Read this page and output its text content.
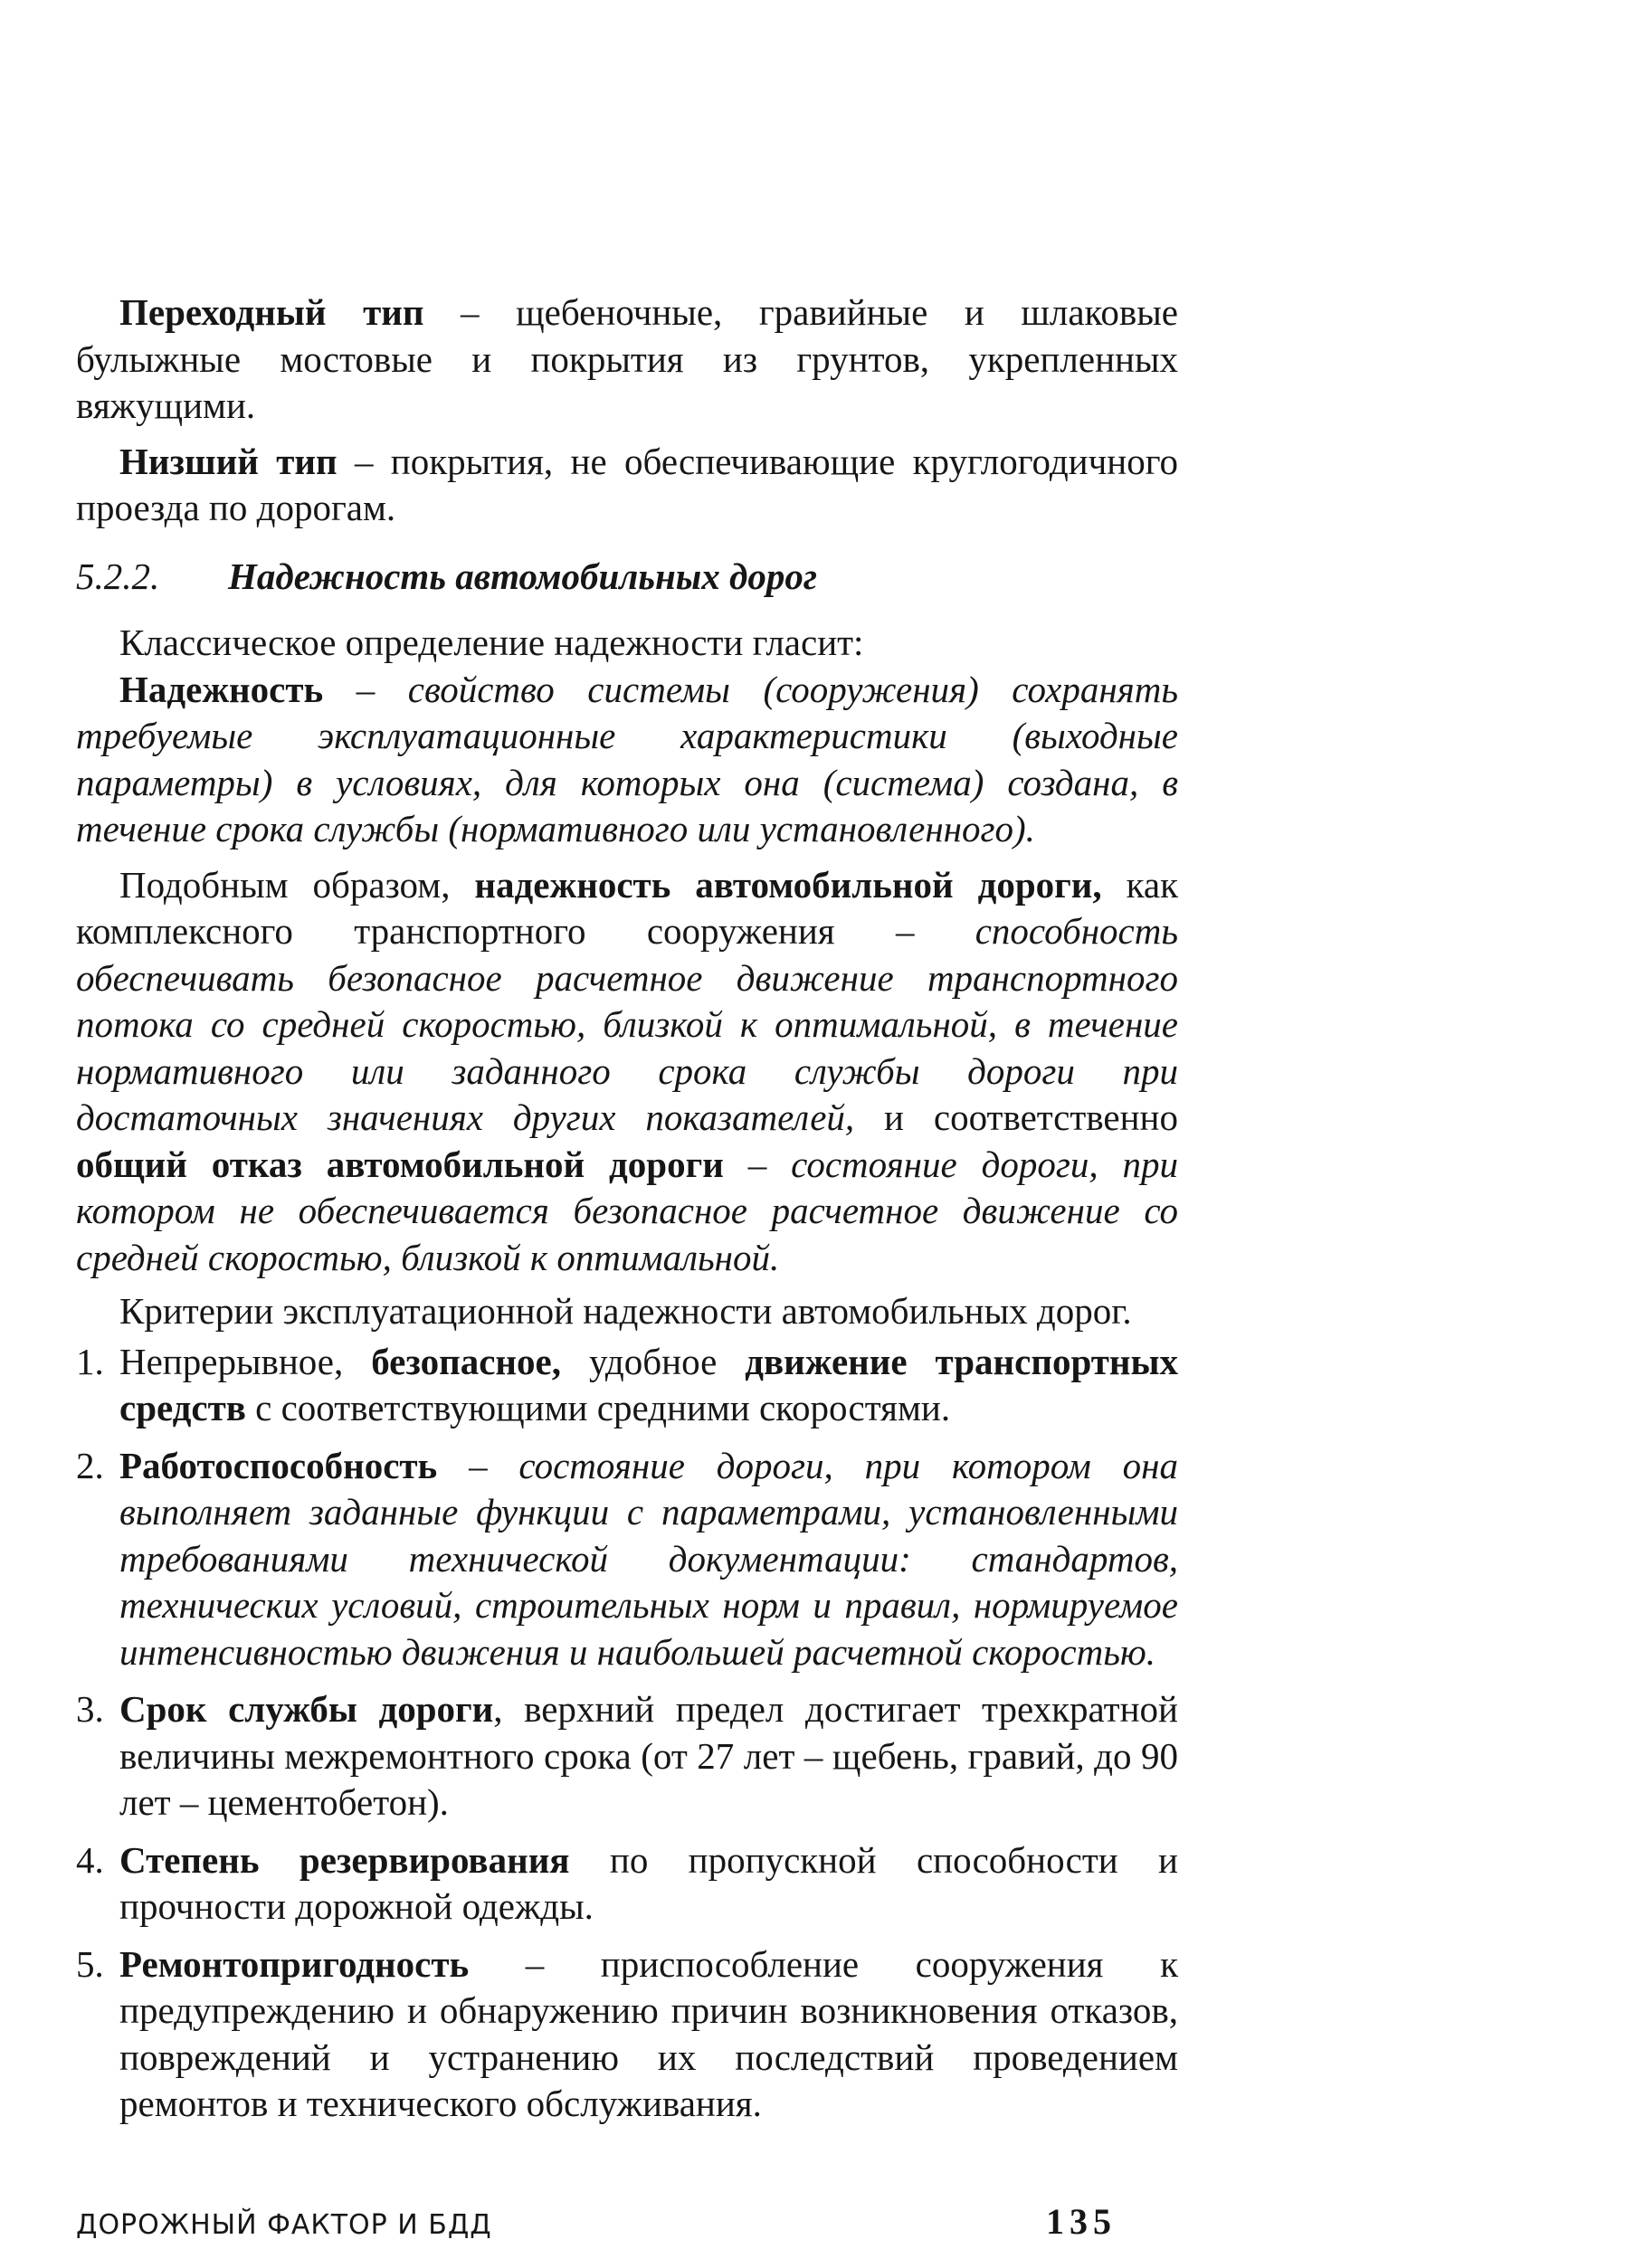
Переходный тип – щебеночные, гравийные и шлаковые булыжные мостовые и покрытия из грунтов, укрепленных вяжущими.

Низший тип – покрытия, не обеспечивающие круглогодичного проезда по дорогам.

5.2.2.	Надежность автомобильных дорог

Классическое определение надежности гласит:

Надежность – свойство системы (сооружения) сохранять требуемые эксплуатационные характеристики (выходные параметры) в условиях, для которых она (система) создана, в течение срока службы (нормативного или установленного).

Подобным образом, надежность автомобильной дороги, как комплексного транспортного сооружения – способность обеспечивать безопасное расчетное движение транспортного потока со средней скоростью, близкой к оптимальной, в течение нормативного или заданного срока службы дороги при достаточных значениях других показателей, и соответственно общий отказ автомобильной дороги – состояние дороги, при котором не обеспечивается безопасное расчетное движение со средней скоростью, близкой к оптимальной.

Критерии эксплуатационной надежности автомобильных дорог.

1. Непрерывное, безопасное, удобное движение транспортных средств с соответствующими средними скоростями.
2. Работоспособность – состояние дороги, при котором она выполняет заданные функции с параметрами, установленными требованиями технической документации: стандартов, технических условий, строительных норм и правил, нормируемое интенсивностью движения и наибольшей расчетной скоростью.
3. Срок службы дороги, верхний предел достигает трехкратной величины межремонтного срока (от 27 лет – щебень, гравий, до 90 лет – цементобетон).
4. Степень резервирования по пропускной способности и прочности дорожной одежды.
5. Ремонтопригодность – приспособление сооружения к предупреждению и обнаружению причин возникновения отказов, повреждений и устранению их последствий проведением ремонтов и технического обслуживания.
ДОРОЖНЫЙ ФАКТОР И БДД	135
